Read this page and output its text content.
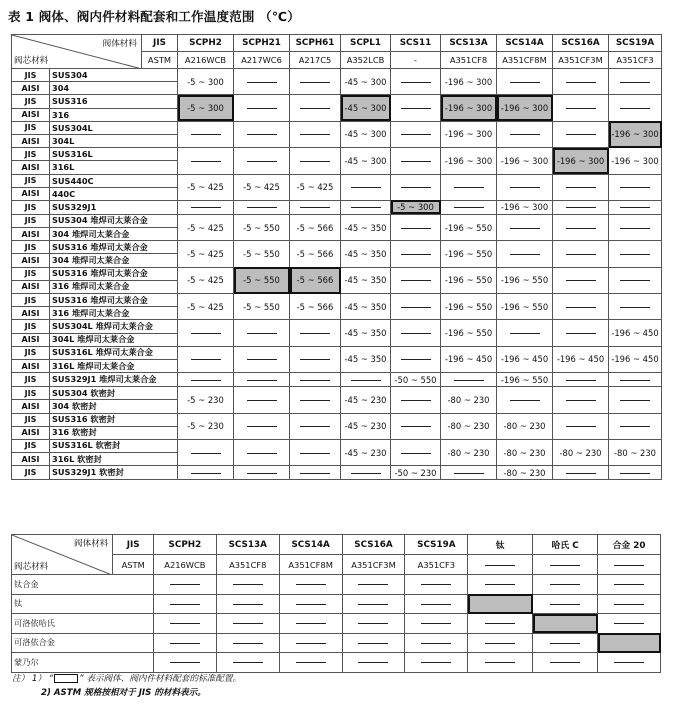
表 1 阀体、阀内件材料配套和工作温度范围 （℃）
阀体材料
阀芯材料		JIS	SCPH2	SCPH21	SCPH61	SCPL1	SCS11	SCS13A	SCS14A	SCS16A	SCS19A
		ASTM	A216WCB	A217WC6	A217C5	A352LCB	-	A351CF8	A351CF8M	A351CF3M	A351CF3
JIS	SUS304		-5 ~ 300			-45 ~ 300		-196 ~ 300			
AISI	304										
JIS	SUS316		-5 ~ 300			-45 ~ 300		-196 ~ 300	-196 ~ 300		
AISI	316										
JIS	SUS304L					-45 ~ 300		-196 ~ 300			-196 ~ 300
AISI	304L										
JIS	SUS316L					-45 ~ 300		-196 ~ 300	-196 ~ 300	-196 ~ 300	-196 ~ 300
AISI	316L										
JIS	SUS440C		-5 ~ 425	-5 ~ 425	-5 ~ 425						
AISI	440C										
JIS	SUS329J1						-5 ~ 300		-196 ~ 300		
JIS	SUS304 堆焊司太莱合金		-5 ~ 425	-5 ~ 550	-5 ~ 566	-45 ~ 350		-196 ~ 550			
AISI	304 堆焊司太莱合金										
JIS	SUS316 堆焊司太莱合金		-5 ~ 425	-5 ~ 550	-5 ~ 566	-45 ~ 350		-196 ~ 550			
AISI	304 堆焊司太莱合金										
JIS	SUS316 堆焊司太莱合金		-5 ~ 425	-5 ~ 550	-5 ~ 566	-45 ~ 350		-196 ~ 550	-196 ~ 550		
AISI	316 堆焊司太莱合金										
JIS	SUS316 堆焊司太莱合金		-5 ~ 425	-5 ~ 550	-5 ~ 566	-45 ~ 350		-196 ~ 550	-196 ~ 550		
AISI	316 堆焊司太莱合金										
JIS	SUS304L 堆焊司太莱合金					-45 ~ 350		-196 ~ 550			-196 ~ 450
AISI	304L 堆焊司太莱合金										
JIS	SUS316L 堆焊司太莱合金					-45 ~ 350		-196 ~ 450	-196 ~ 450	-196 ~ 450	-196 ~ 450
AISI	316L 堆焊司太莱合金										
JIS	SUS329J1 堆焊司太莱合金						-50 ~ 550		-196 ~ 550		
JIS	SUS304 软密封		-5 ~ 230			-45 ~ 230		-80 ~ 230			
AISI	304 软密封										
JIS	SUS316 软密封		-5 ~ 230			-45 ~ 230		-80 ~ 230	-80 ~ 230		
AISI	316 软密封										
JIS	SUS316L 软密封					-45 ~ 230		-80 ~ 230	-80 ~ 230	-80 ~ 230	-80 ~ 230
AISI	316L 软密封										
JIS	SUS329J1 软密封						-50 ~ 230		-80 ~ 230		
阀体材料
阀芯材料	JIS	SCPH2	SCS13A	SCS14A	SCS16A	SCS19A	钛	哈氏 C	合金 20
	ASTM	A216WCB	A351CF8	A351CF8M	A351CF3M	A351CF3			
钛合金									
钛									
可洛依哈氏									
可洛依合金									
蒙乃尔									
注） 1） “	” 表示阀体、阀内件材料配套的标准配置。
2) ASTM 规格按相对于 JIS 的材料表示。
